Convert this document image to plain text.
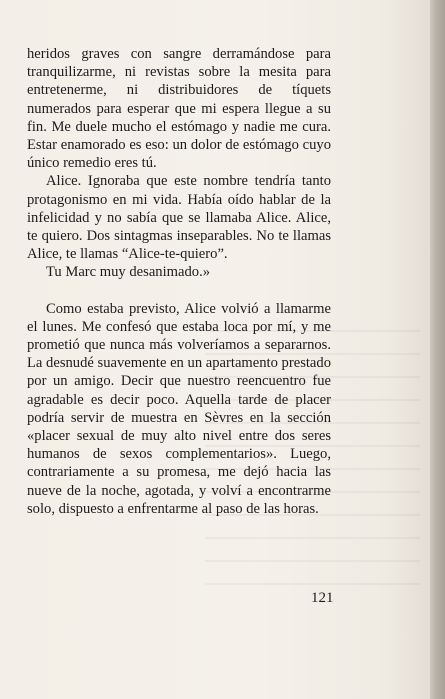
heridos graves con sangre derramándose para tranquilizarme, ni revistas sobre la mesita para entretenerme, ni distribuidores de tíquets numerados para esperar que mi espera llegue a su fin. Me duele mucho el estómago y nadie me cura. Estar enamorado es eso: un dolor de estómago cuyo único remedio eres tú.

Alice. Ignoraba que este nombre tendría tanto protagonismo en mi vida. Había oído hablar de la infelicidad y no sabía que se llamaba Alice. Alice, te quiero. Dos sintagmas inseparables. No te llamas Alice, te llamas “Alice-te-quiero”.

Tu Marc muy desanimado.»

Como estaba previsto, Alice volvió a llamarme el lunes. Me confesó que estaba loca por mí, y me prometió que nunca más volveríamos a separarnos. La desnudé suavemente en un apartamento prestado por un amigo. Decir que nuestro reencuentro fue agradable es decir poco. Aquella tarde de placer podría servir de muestra en Sèvres en la sección «placer sexual de muy alto nivel entre dos seres humanos de sexos complementarios». Luego, contrariamente a su promesa, me dejó hacia las nueve de la noche, agotada, y volví a encontrarme solo, dispuesto a enfrentarme al paso de las horas.

121
